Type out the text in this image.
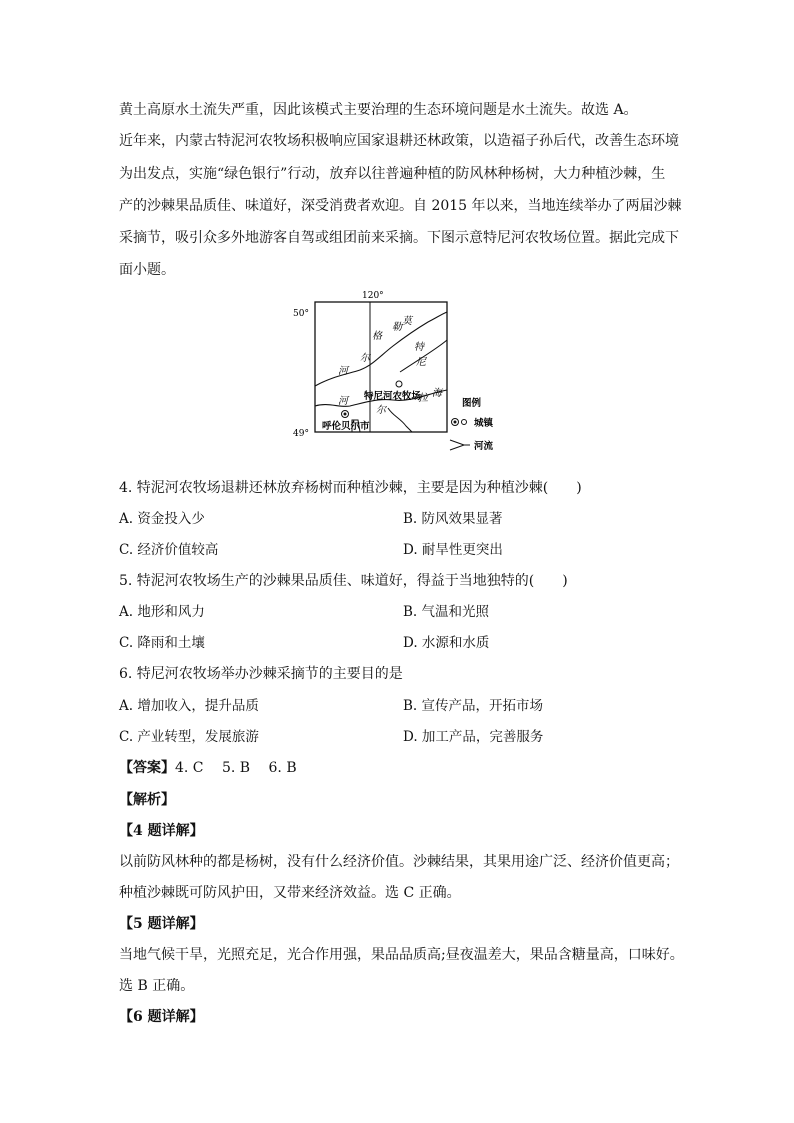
黄土高原水土流失严重，因此该模式主要治理的生态环境问题是水土流失。故选 A。
近年来，内蒙古特泥河农牧场积极响应国家退耕还林政策，以造福子孙后代，改善生态环境
为出发点，实施“绿色银行”行动，放弃以往普遍种植的防风林种杨树，大力种植沙棘，生
产的沙棘果品质佳、味道好，深受消费者欢迎。自 2015 年以来，当地连续举办了两届沙棘
采摘节，吸引众多外地游客自驾或组团前来采摘。下图示意特尼河农牧场位置。据此完成下
面小题。
120°
50°
49°
格
尔
河
勒
莫
特
尼
河
尔
拉 海
特尼河农牧场
呼伦贝尔市
图例
城镇
河流
4. 特泥河农牧场退耕还林放弃杨树而种植沙棘，主要是因为种植沙棘(　　)
A. 资金投入少	B. 防风效果显著
C. 经济价值较高	D. 耐旱性更突出
5. 特泥河农牧场生产的沙棘果品质佳、味道好，得益于当地独特的(　　)
A. 地形和风力	B. 气温和光照
C. 降雨和土壤	D. 水源和水质
6. 特尼河农牧场举办沙棘采摘节的主要目的是
A. 增加收入，提升品质	B. 宣传产品，开拓市场
C. 产业转型，发展旅游	D. 加工产品，完善服务
【答案】4. C　 5. B　 6. B
【解析】
【4 题详解】
以前防风林种的都是杨树，没有什么经济价值。沙棘结果，其果用途广泛、经济价值更高；
种植沙棘既可防风护田，又带来经济效益。选 C 正确。
【5 题详解】
当地气候干旱，光照充足，光合作用强，果品品质高;昼夜温差大，果品含糖量高，口味好。
选 B 正确。
【6 题详解】
